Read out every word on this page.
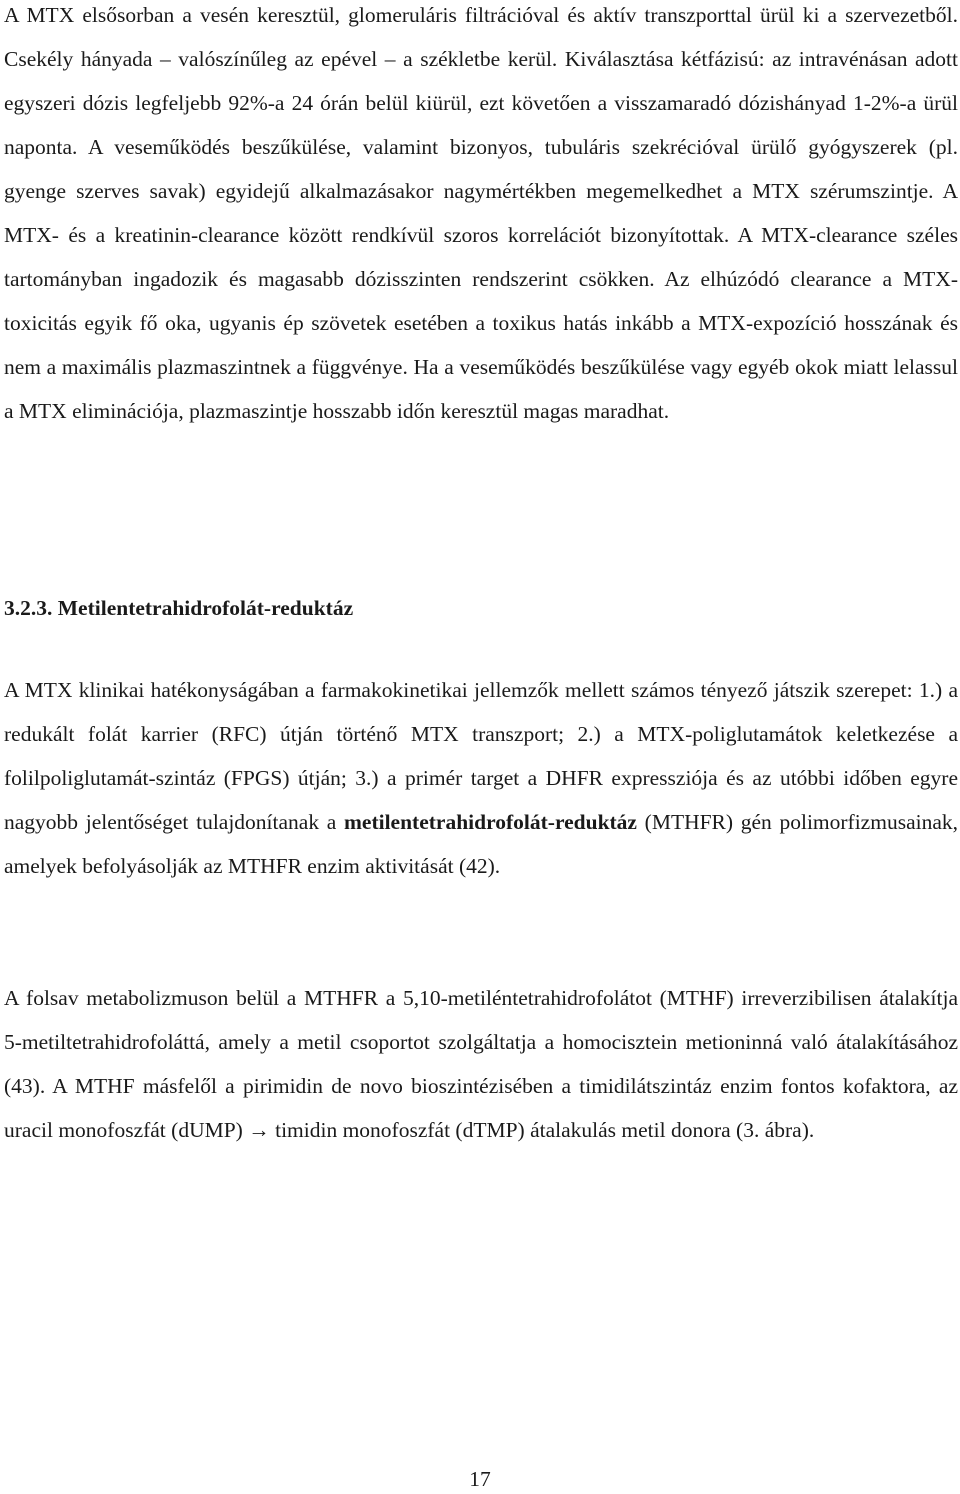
A MTX elsősorban a vesén keresztül, glomeruláris filtrációval és aktív transzporttal ürül ki a szervezetből. Csekély hányada – valószínűleg az epével – a székletbe kerül. Kiválasztása kétfázisú: az intravénásan adott egyszeri dózis legfeljebb 92%-a 24 órán belül kiürül, ezt követően a visszamaradó dózishányad 1-2%-a ürül naponta. A veseműködés beszűkülése, valamint bizonyos, tubuláris szekrécióval ürülő gyógyszerek (pl. gyenge szerves savak) egyidejű alkalmazásakor nagymértékben megemelkedhet a MTX szérumszintje. A MTX- és a kreatinin-clearance között rendkívül szoros korrelációt bizonyítottak. A MTX-clearance széles tartományban ingadozik és magasabb dózisszinten rendszerint csökken. Az elhúzódó clearance a MTX-toxicitás egyik fő oka, ugyanis ép szövetek esetében a toxikus hatás inkább a MTX-expozíció hosszának és nem a maximális plazmaszintnek a függvénye. Ha a veseműködés beszűkülése vagy egyéb okok miatt lelassul a MTX eliminációja, plazmaszintje hosszabb időn keresztül magas maradhat.

3.2.3. Metilentetrahidrofolát-reduktáz

A MTX klinikai hatékonyságában a farmakokinetikai jellemzők mellett számos tényező játszik szerepet: 1.) a redukált folát karrier (RFC) útján történő MTX transzport; 2.) a MTX-poliglutamátok keletkezése a folilpoliglutamát-szintáz (FPGS) útján; 3.) a primér target a DHFR expressziója és az utóbbi időben egyre nagyobb jelentőséget tulajdonítanak a metilentetrahidrofolát-reduktáz (MTHFR) gén polimorfizmusainak, amelyek befolyásolják az MTHFR enzim aktivitását (42).

A folsav metabolizmuson belül a MTHFR a 5,10-metiléntetrahidrofolátot (MTHF) irreverzibilisen átalakítja 5-metiltetrahidrofoláttá, amely a metil csoportot szolgáltatja a homocisztein metioninná való átalakításához (43). A MTHF másfelől a pirimidin de novo bioszintézisében a timidilátszintáz enzim fontos kofaktora, az uracil monofoszfát (dUMP) → timidin monofoszfát (dTMP) átalakulás metil donora (3. ábra).

17
